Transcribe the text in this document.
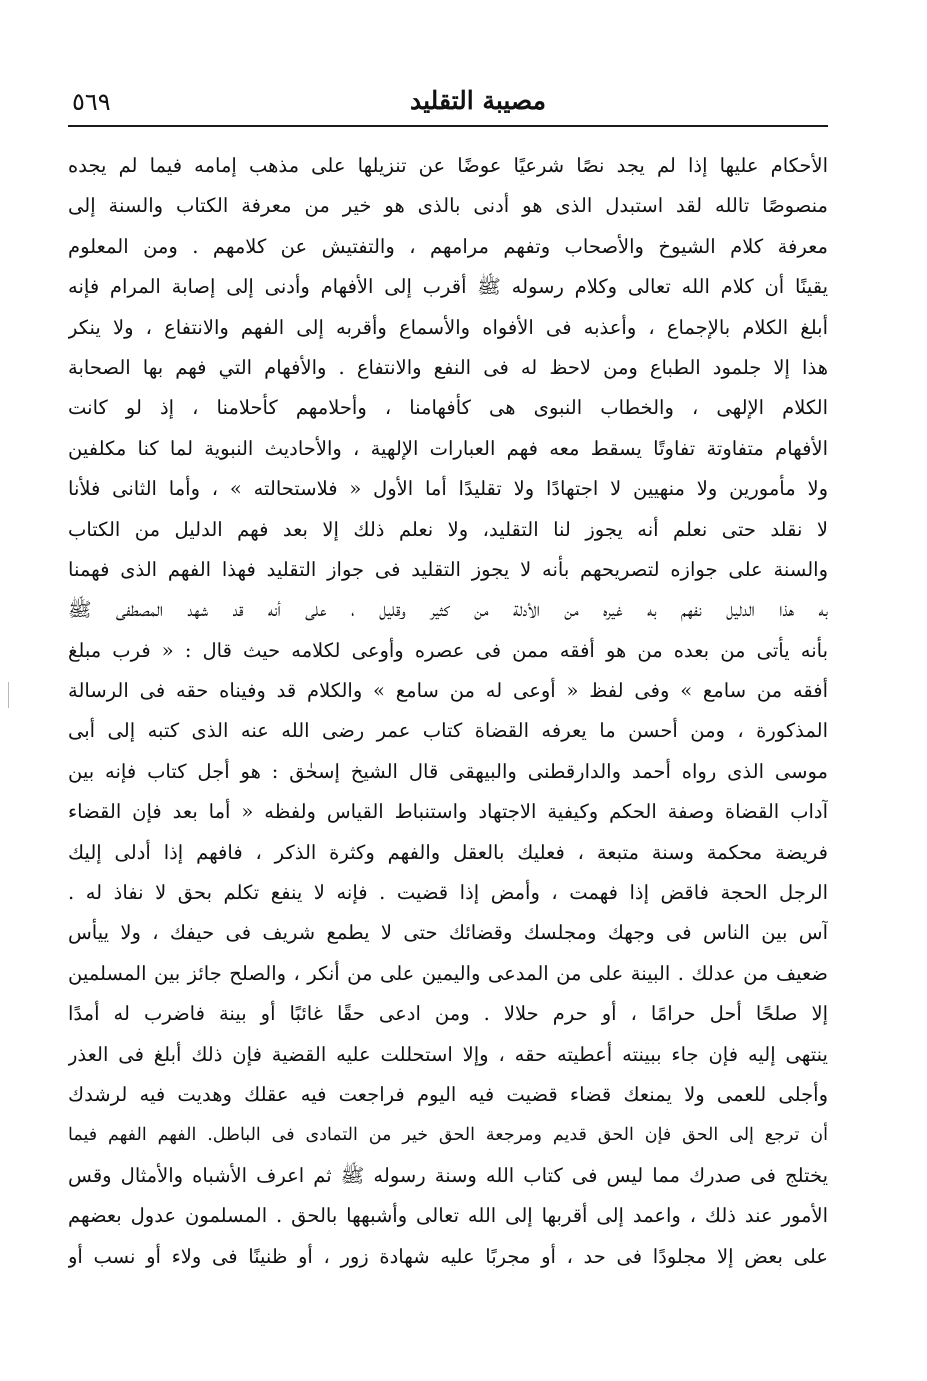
٥٦٩	مصيبة التقليد
الأحكام عليها إذا لم يجد نصًا شرعيًا عوضًا عن تنزيلها على مذهب إمامه فيما لم يجده
منصوصًا تالله لقد استبدل الذى هو أدنى بالذى هو خير من معرفة الكتاب والسنة إلى
معرفة كلام الشيوخ والأصحاب وتفهم مرامهم ، والتفتيش عن كلامهم . ومن المعلوم
يقينًا أن كلام الله تعالى وكلام رسوله ﷺ أقرب إلى الأفهام وأدنى إلى إصابة المرام فإنه
أبلغ الكلام بالإجماع ، وأعذبه فى الأفواه والأسماع وأقربه إلى الفهم والانتفاع ، ولا ينكر
هذا إلا جلمود الطباع ومن لاحظ له فى النفع والانتفاع . والأفهام التي فهم بها الصحابة
الكلام الإلهى ، والخطاب النبوى هى كأفهامنا ، وأحلامهم كأحلامنا ، إذ لو كانت
الأفهام متفاوتة تفاوتًا يسقط معه فهم العبارات الإلهية ، والأحاديث النبوية لما كنا مكلفين
ولا مأمورين ولا منهيين لا اجتهادًا ولا تقليدًا أما الأول « فلاستحالته » ، وأما الثانى فلأنا
لا نقلد حتى نعلم أنه يجوز لنا التقليد، ولا نعلم ذلك إلا بعد فهم الدليل من الكتاب
والسنة على جوازه لتصريحهم بأنه لا يجوز التقليد فى جواز التقليد فهذا الفهم الذى فهمنا
به هذا الدليل نفهم به غيره من الأدلة من كثير وقليل ، على أنه قد شهد المصطفى ﷺ
بأنه يأتى من بعده من هو أفقه ممن فى عصره وأوعى لكلامه حيث قال : « فرب مبلغ
أفقه من سامع » وفى لفظ « أوعى له من سامع » والكلام قد وفيناه حقه فى الرسالة
المذكورة ، ومن أحسن ما يعرفه القضاة كتاب عمر رضى الله عنه الذى كتبه إلى أبى
موسى الذى رواه أحمد والدارقطنى والبيهقى قال الشيخ إسحٰق : هو أجل كتاب فإنه بين
آداب القضاة وصفة الحكم وكيفية الاجتهاد واستنباط القياس ولفظه « أما بعد فإن القضاء
فريضة محكمة وسنة متبعة ، فعليك بالعقل والفهم وكثرة الذكر ، فافهم إذا أدلى إليك
الرجل الحجة فاقض إذا فهمت ، وأمض إذا قضيت . فإنه لا ينفع تكلم بحق لا نفاذ له .
آس بين الناس فى وجهك ومجلسك وقضائك حتى لا يطمع شريف فى حيفك ، ولا ييأس
ضعيف من عدلك . البينة على من المدعى واليمين على من أنكر ، والصلح جائز بين المسلمين
إلا صلحًا أحل حرامًا ، أو حرم حلالا . ومن ادعى حقًا غائبًا أو بينة فاضرب له أمدًا
ينتهى إليه فإن جاء ببينته أعطيته حقه ، وإلا استحللت عليه القضية فإن ذلك أبلغ فى العذر
وأجلى للعمى ولا يمنعك قضاء قضيت فيه اليوم فراجعت فيه عقلك وهديت فيه لرشدك
أن ترجع إلى الحق فإن الحق قديم ومرجعة الحق خير من التمادى فى الباطل. الفهم الفهم فيما
يختلج فى صدرك مما ليس فى كتاب الله وسنة رسوله ﷺ ثم اعرف الأشباه والأمثال وقس
الأمور عند ذلك ، واعمد إلى أقربها إلى الله تعالى وأشبهها بالحق . المسلمون عدول بعضهم
على بعض إلا مجلودًا فى حد ، أو مجربًا عليه شهادة زور ، أو ظنينًا فى ولاء أو نسب أو
